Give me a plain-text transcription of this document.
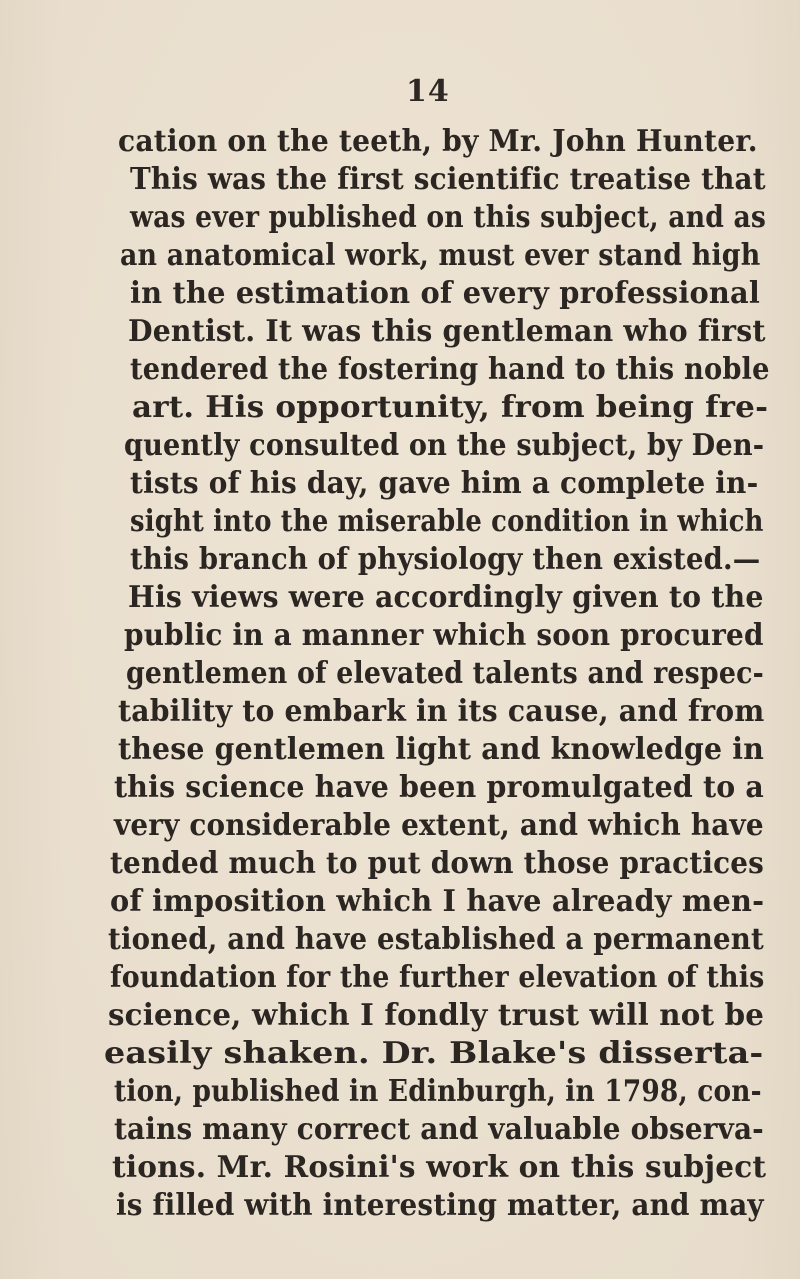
14
cation on the teeth, by Mr. John Hunter.
This was the first scientific treatise that
was ever published on this subject, and as
an anatomical work, must ever stand high
in the estimation of every professional
Dentist. It was this gentleman who first
tendered the fostering hand to this noble
art. His opportunity, from being fre-
quently consulted on the subject, by Den-
tists of his day, gave him a complete in-
sight into the miserable condition in which
this branch of physiology then existed.—
His views were accordingly given to the
public in a manner which soon procured
gentlemen of elevated talents and respec-
tability to embark in its cause, and from
these gentlemen light and knowledge in
this science have been promulgated to a
very considerable extent, and which have
tended much to put down those practices
of imposition which I have already men-
tioned, and have established a permanent
foundation for the further elevation of this
science, which I fondly trust will not be
easily shaken. Dr. Blake's disserta-
tion, published in Edinburgh, in 1798, con-
tains many correct and valuable observa-
tions. Mr. Rosini's work on this subject
is filled with interesting matter, and may
